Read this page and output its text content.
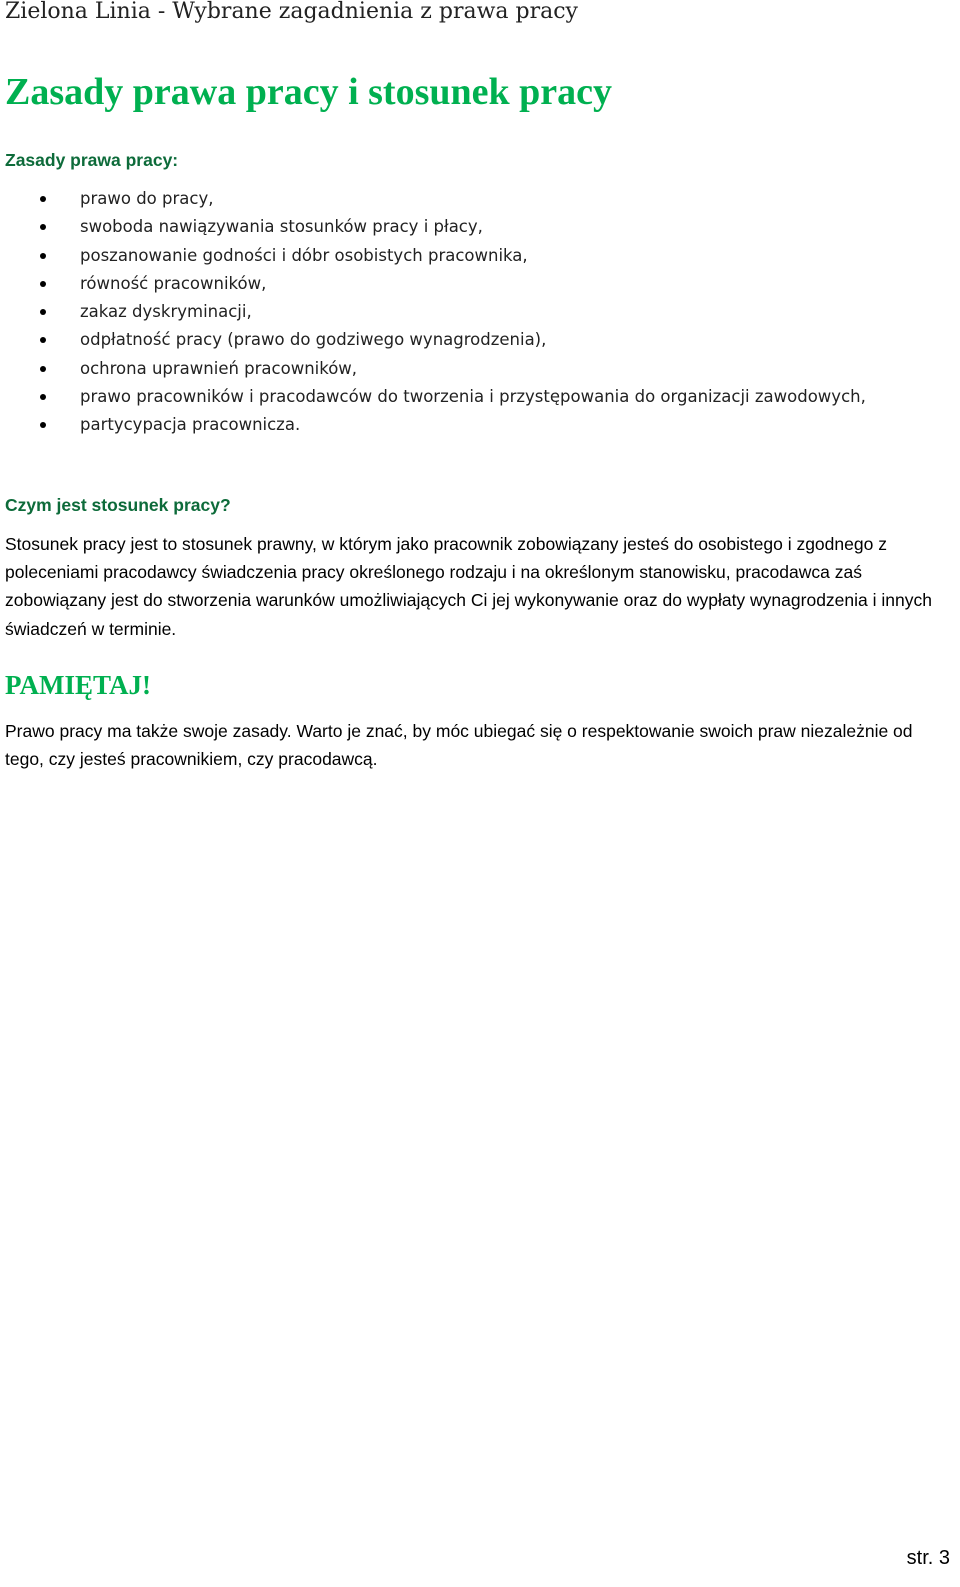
Zielona Linia - Wybrane zagadnienia z prawa pracy
Zasady prawa pracy i stosunek pracy
Zasady prawa pracy:
prawo do pracy,
swoboda nawiązywania stosunków pracy i płacy,
poszanowanie godności i dóbr osobistych pracownika,
równość pracowników,
zakaz dyskryminacji,
odpłatność pracy (prawo do godziwego wynagrodzenia),
ochrona uprawnień pracowników,
prawo pracowników i pracodawców do tworzenia i przystępowania do organizacji zawodowych,
partycypacja pracownicza.
Czym jest stosunek pracy?

Stosunek pracy jest to stosunek prawny, w którym jako pracownik zobowiązany jesteś do osobistego i zgodnego z poleceniami pracodawcy świadczenia pracy określonego rodzaju i na określonym stanowisku, pracodawca zaś zobowiązany jest do stworzenia warunków umożliwiających Ci jej wykonywanie oraz do wypłaty wynagrodzenia i innych świadczeń w terminie.

PAMIĘTAJ!

Prawo pracy ma także swoje zasady. Warto je znać, by móc ubiegać się o respektowanie swoich praw niezależnie od tego, czy jesteś pracownikiem, czy pracodawcą.

str. 3
